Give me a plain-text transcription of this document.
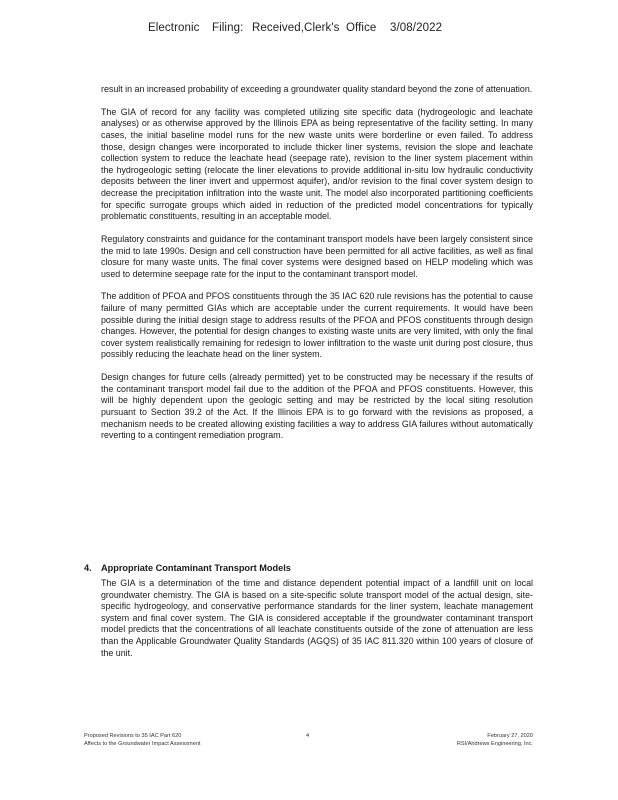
Electronic Filing: Received,Clerk's Office 3/08/2022

result in an increased probability of exceeding a groundwater quality standard beyond the zone of attenuation.

The GIA of record for any facility was completed utilizing site specific data (hydrogeologic and leachate analyses) or as otherwise approved by the Illinois EPA as being representative of the facility setting. In many cases, the initial baseline model runs for the new waste units were borderline or even failed. To address those, design changes were incorporated to include thicker liner systems, revision the slope and leachate collection system to reduce the leachate head (seepage rate), revision to the liner system placement within the hydrogeologic setting (relocate the liner elevations to provide additional in-situ low hydraulic conductivity deposits between the liner invert and uppermost aquifer), and/or revision to the final cover system design to decrease the precipitation infiltration into the waste unit. The model also incorporated partitioning coefficients for specific surrogate groups which aided in reduction of the predicted model concentrations for typically problematic constituents, resulting in an acceptable model.

Regulatory constraints and guidance for the contaminant transport models have been largely consistent since the mid to late 1990s. Design and cell construction have been permitted for all active facilities, as well as final closure for many waste units. The final cover systems were designed based on HELP modeling which was used to determine seepage rate for the input to the contaminant transport model.

The addition of PFOA and PFOS constituents through the 35 IAC 620 rule revisions has the potential to cause failure of many permitted GIAs which are acceptable under the current requirements. It would have been possible during the initial design stage to address results of the PFOA and PFOS constituents through design changes. However, the potential for design changes to existing waste units are very limited, with only the final cover system realistically remaining for redesign to lower infiltration to the waste unit during post closure, thus possibly reducing the leachate head on the liner system.

Design changes for future cells (already permitted) yet to be constructed may be necessary if the results of the contaminant transport model fail due to the addition of the PFOA and PFOS constituents. However, this will be highly dependent upon the geologic setting and may be restricted by the local siting resolution pursuant to Section 39.2 of the Act. If the Illinois EPA is to go forward with the revisions as proposed, a mechanism needs to be created allowing existing facilities a way to address GIA failures without automatically reverting to a contingent remediation program.

4. Appropriate Contaminant Transport Models

The GIA is a determination of the time and distance dependent potential impact of a landfill unit on local groundwater chemistry. The GIA is based on a site-specific solute transport model of the actual design, site-specific hydrogeology, and conservative performance standards for the liner system, leachate management system and final cover system. The GIA is considered acceptable if the groundwater contaminant transport model predicts that the concentrations of all leachate constituents outside of the zone of attenuation are less than the Applicable Groundwater Quality Standards (AGQS) of 35 IAC 811.320 within 100 years of closure of the unit.

Proposed Revisions to 35 IAC Part 620
Affects to the Groundwater Impact Assessment
4	February 27, 2020
RSI/Andrews Engineering, Inc.
